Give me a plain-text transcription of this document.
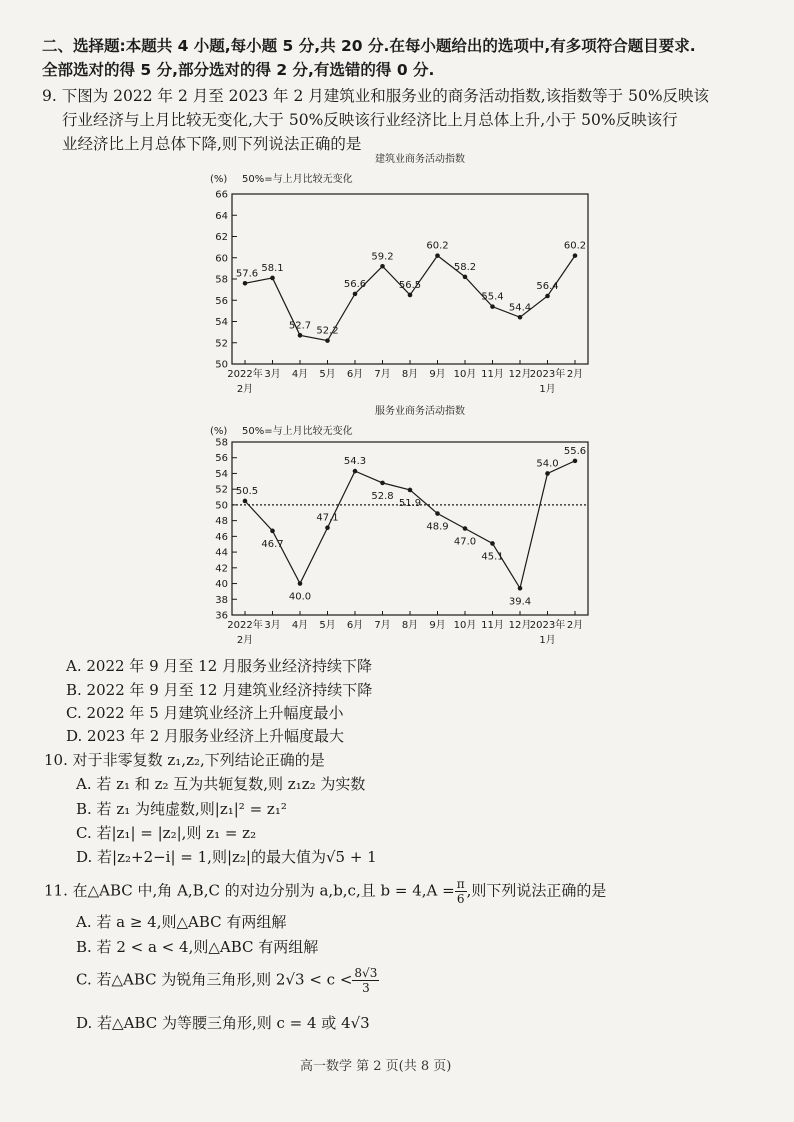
二、选择题:本题共 4 小题,每小题 5 分,共 20 分.在每小题给出的选项中,有多项符合题目要求.
全部选对的得 5 分,部分选对的得 2 分,有选错的得 0 分.
9. 下图为 2022 年 2 月至 2023 年 2 月建筑业和服务业的商务活动指数,该指数等于 50%反映该
行业经济与上月比较无变化,大于 50%反映该行业经济比上月总体上升,小于 50%反映该行
业经济比上月总体下降,则下列说法正确的是
建筑业商务活动指数
(%) 50%=与上月比较无变化
50
52
54
56
58
60
62
64
66
2022年
2月
3月 4月 5月 6月 7月 8月 9月 10月 11月 12月
2023年
1月
2月
57.6 58.1
52.7 52.2
56.6
59.2
56.5
60.2
58.2
55.4
54.4
56.4
60.2
服务业商务活动指数
(%) 50%=与上月比较无变化
36
38
40
42
44
46
48
50
52
54
56
58
2022年
2月
3月 4月 5月 6月 7月 8月 9月 10月 11月 12月
2023年
1月
2月
50.5
46.7
40.0
47.1
54.3
52.8
51.9
48.9
47.0
45.1
39.4
54.0
55.6
A. 2022 年 9 月至 12 月服务业经济持续下降
B. 2022 年 9 月至 12 月建筑业经济持续下降
C. 2022 年 5 月建筑业经济上升幅度最小
D. 2023 年 2 月服务业经济上升幅度最大
10. 对于非零复数 z₁,z₂,下列结论正确的是
A. 若 z₁ 和 z₂ 互为共轭复数,则 z₁z₂ 为实数
B. 若 z₁ 为纯虚数,则|z₁|² = z₁²
C. 若|z₁| = |z₂|,则 z₁ = z₂
D. 若|z₂+2−i| = 1,则|z₂|的最大值为√5 + 1
11. 在△ABC 中,角 A,B,C 的对边分别为 a,b,c,且 $b = 4,A = \frac{\pi}{6}$ ,则下列说法正确的是
A. 若 a ≥ 4,则△ABC 有两组解
B. 若 2 < a < 4,则△ABC 有两组解
C. 若△ABC 为锐角三角形,则 $2√3 < c < \frac{8√3}{3}$
D. 若△ABC 为等腰三角形,则 c = 4 或 4√3
高一数学 第 2 页(共 8 页)
